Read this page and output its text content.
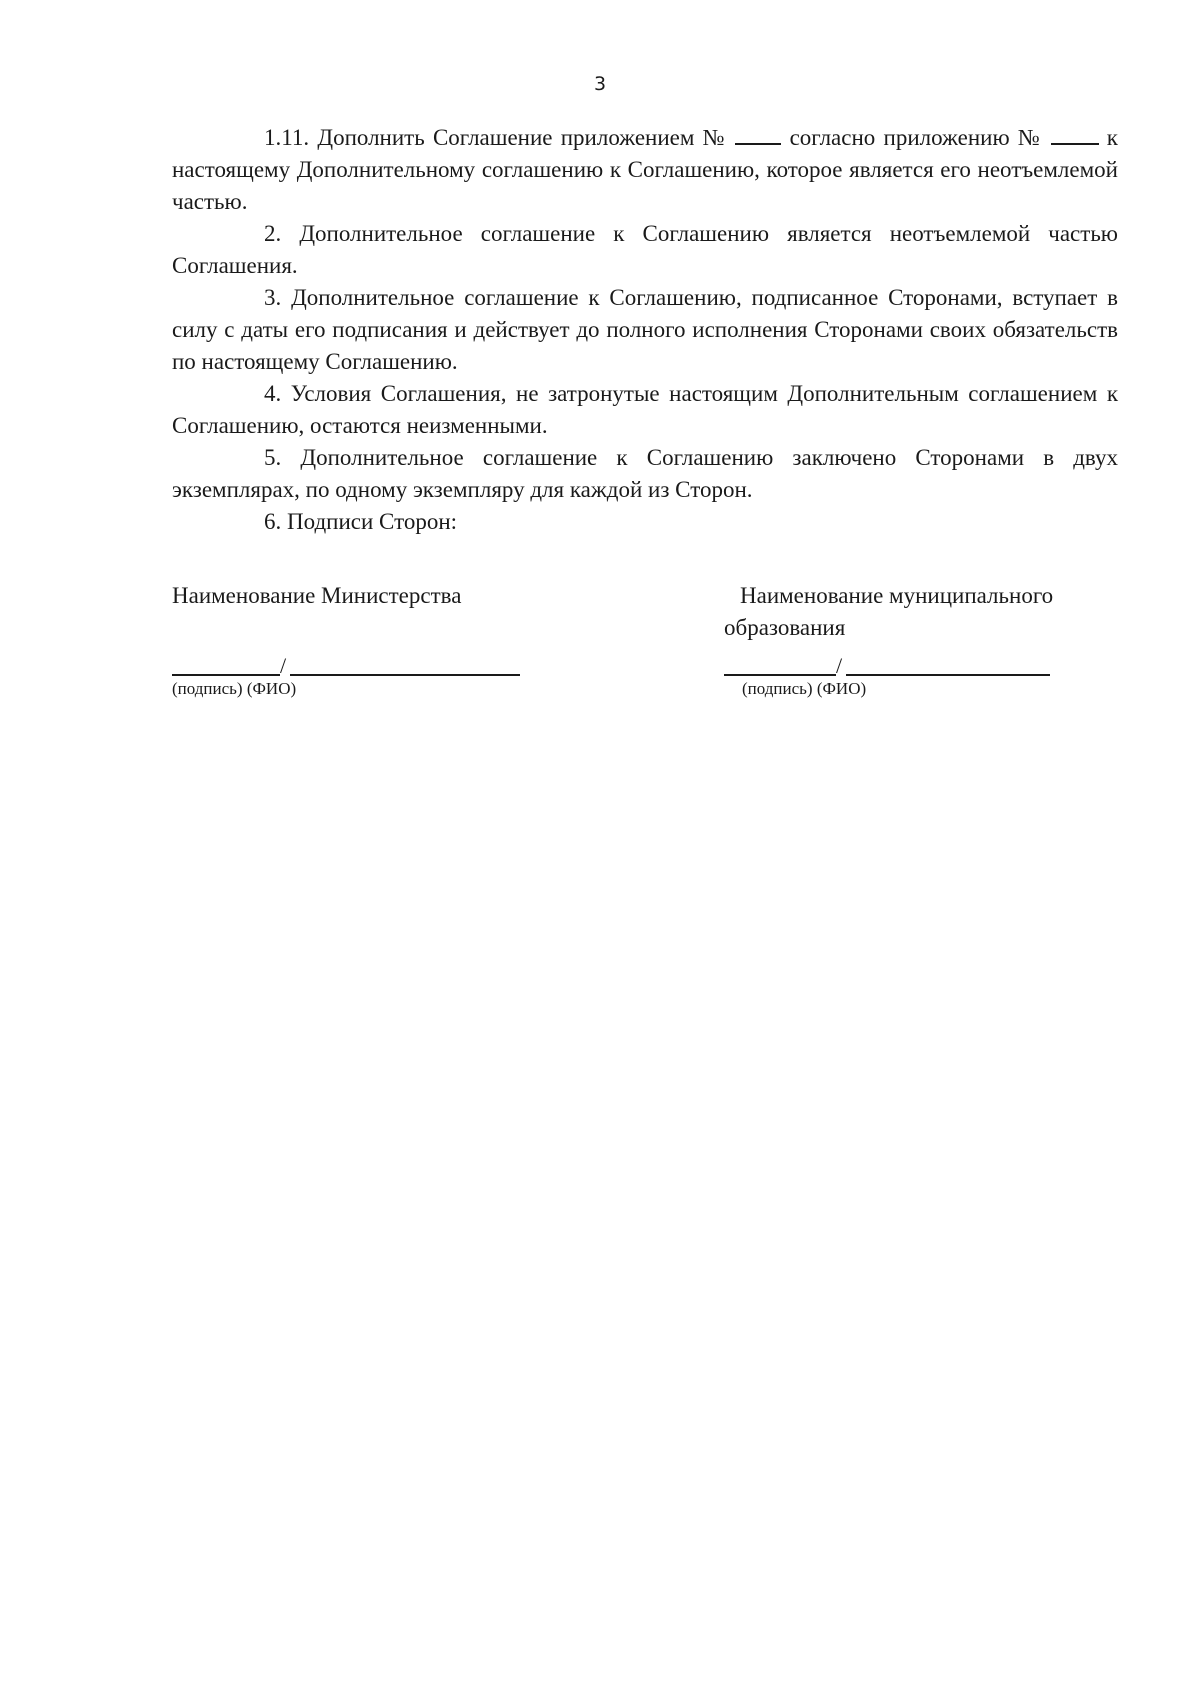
3

1.11. Дополнить Соглашение приложением №  согласно приложению №  к настоящему Дополнительному соглашению к Соглашению, которое является его неотъемлемой частью.

2. Дополнительное соглашение к Соглашению является неотъемлемой частью Соглашения.

3. Дополнительное соглашение к Соглашению, подписанное Сторонами, вступает в силу с даты его подписания и действует до полного исполнения Сторонами своих обязательств по настоящему Соглашению.

4. Условия Соглашения, не затронутые настоящим Дополнительным соглашением к Соглашению, остаются неизменными.

5. Дополнительное соглашение к Соглашению заключено Сторонами в двух экземплярах, по одному экземпляру для каждой из Сторон.

6. Подписи Сторон:

Наименование Министерства
/
(подпись) (ФИО)
Наименование муниципального
образования
/
(подпись) (ФИО)
